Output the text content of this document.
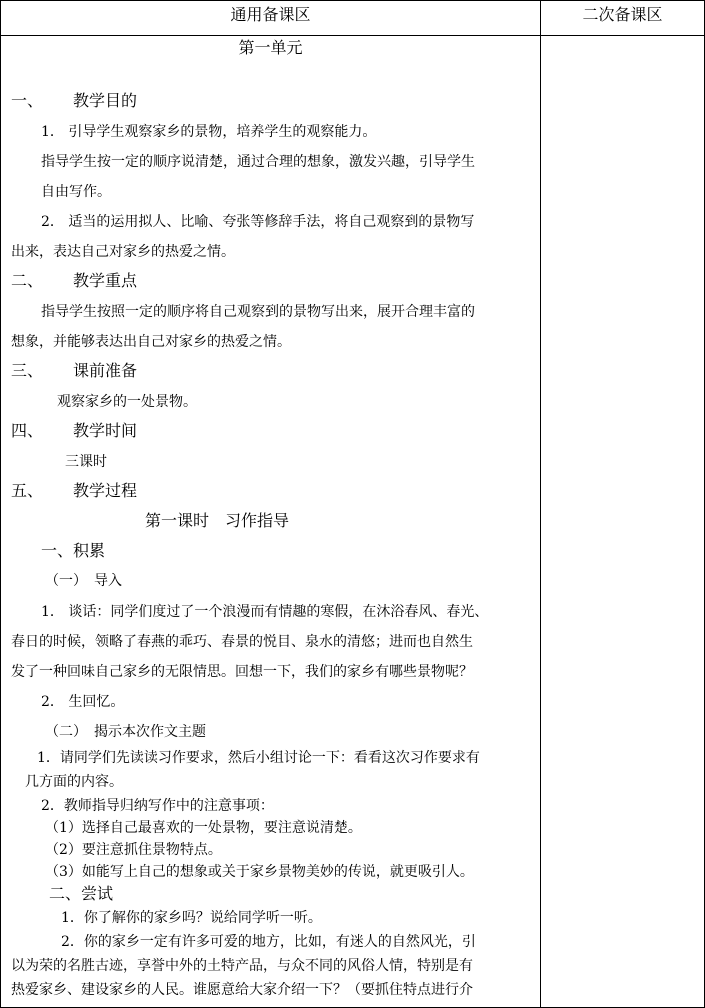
通用备课区	二次备课区
第一单元
一、 教学目的
1． 引导学生观察家乡的景物，培养学生的观察能力。
指导学生按一定的顺序说清楚，通过合理的想象，激发兴趣，引导学生
自由写作。
2． 适当的运用拟人、比喻、夸张等修辞手法，将自己观察到的景物写
出来，表达自己对家乡的热爱之情。
二、 教学重点
指导学生按照一定的顺序将自己观察到的景物写出来，展开合理丰富的
想象，并能够表达出自己对家乡的热爱之情。
三、 课前准备
观察家乡的一处景物。
四、 教学时间
三课时
五、 教学过程
第一课时　习作指导
一、积累
（一）　导入
1． 谈话：同学们度过了一个浪漫而有情趣的寒假，在沐浴春风、春光、
春日的时候，领略了春燕的乖巧、春景的悦目、泉水的清悠；进而也自然生
发了一种回味自己家乡的无限情思。回想一下，我们的家乡有哪些景物呢？
2． 生回忆。
（二）　揭示本次作文主题
1．请同学们先读读习作要求，然后小组讨论一下：看看这次习作要求有
几方面的内容。
2．教师指导归纳写作中的注意事项：
（1）选择自己最喜欢的一处景物，要注意说清楚。
（2）要注意抓住景物特点。
（3）如能写上自己的想象或关于家乡景物美妙的传说，就更吸引人。
二、尝试
1．你了解你的家乡吗？说给同学听一听。
2．你的家乡一定有许多可爱的地方，比如，有迷人的自然风光，引
以为荣的名胜古迹，享誉中外的土特产品，与众不同的风俗人情，特别是有
热爱家乡、建设家乡的人民。谁愿意给大家介绍一下？（要抓住特点进行介
